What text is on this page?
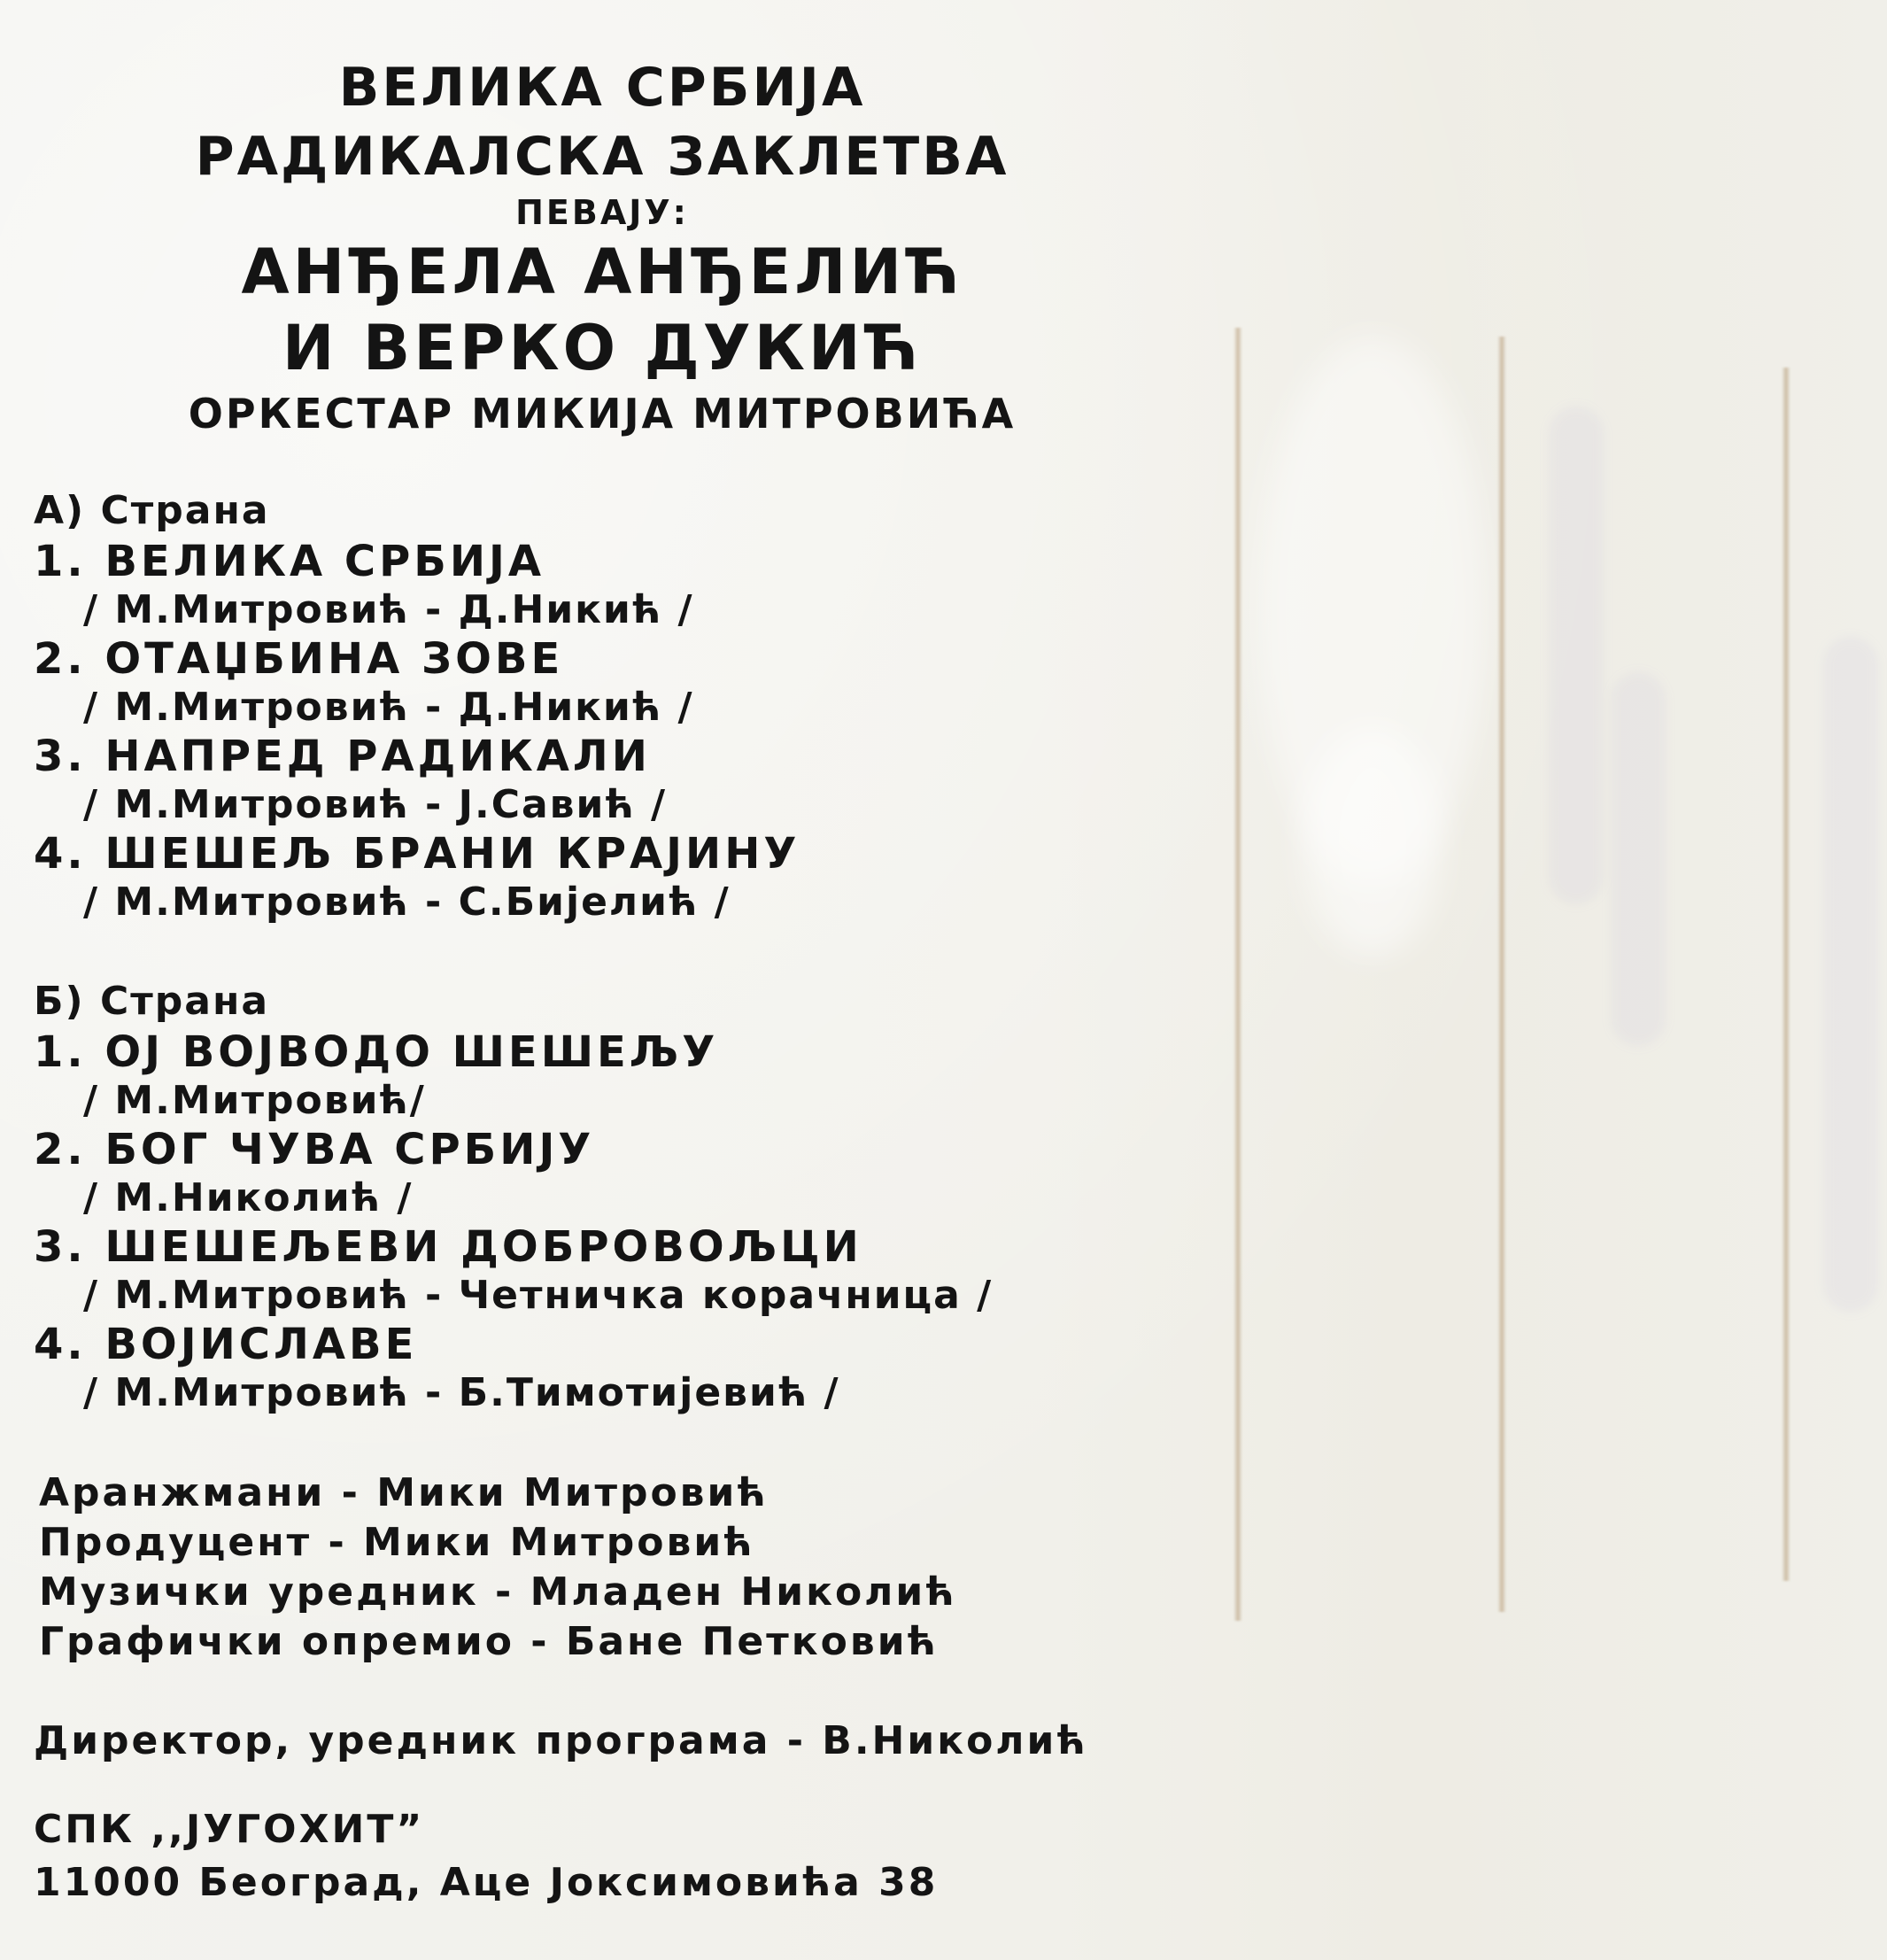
ВЕЛИКА СРБИЈА
РАДИКАЛСКА ЗАКЛЕТВА
ПЕВАЈУ:
АНЂЕЛА АНЂЕЛИЋ
И ВЕРКО ДУКИЋ
ОРКЕСТАР МИКИЈА МИТРОВИЋА
А) Страна
1. ВЕЛИКА СРБИЈА
/ М.Митровић - Д.Никић /
2. ОТАЏБИНА ЗОВЕ
/ М.Митровић - Д.Никић /
3. НАПРЕД РАДИКАЛИ
/ М.Митровић - J.Савић /
4. ШЕШЕЉ БРАНИ КРАЈИНУ
/ М.Митровић - С.Бијелић /
Б) Страна
1. ОЈ ВОЈВОДО ШЕШЕЉУ
/ М.Митровић/
2. БОГ ЧУВА СРБИЈУ
/ М.Николић /
3. ШЕШЕЉЕВИ ДОБРОВОЉЦИ
/ М.Митровић - Четничка корачница /
4. ВОЈИСЛАВЕ
/ М.Митровић - Б.Тимотијевић /
Аранжмани - Мики Митровић
Продуцент - Мики Митровић
Музички уредник - Младен Николић
Графички опремио - Бане Петковић
Директор, уредник програма - В.Николић
СПК ,,ЈУГОХИТ”
11000 Београд, Аце Јоксимовића 38
